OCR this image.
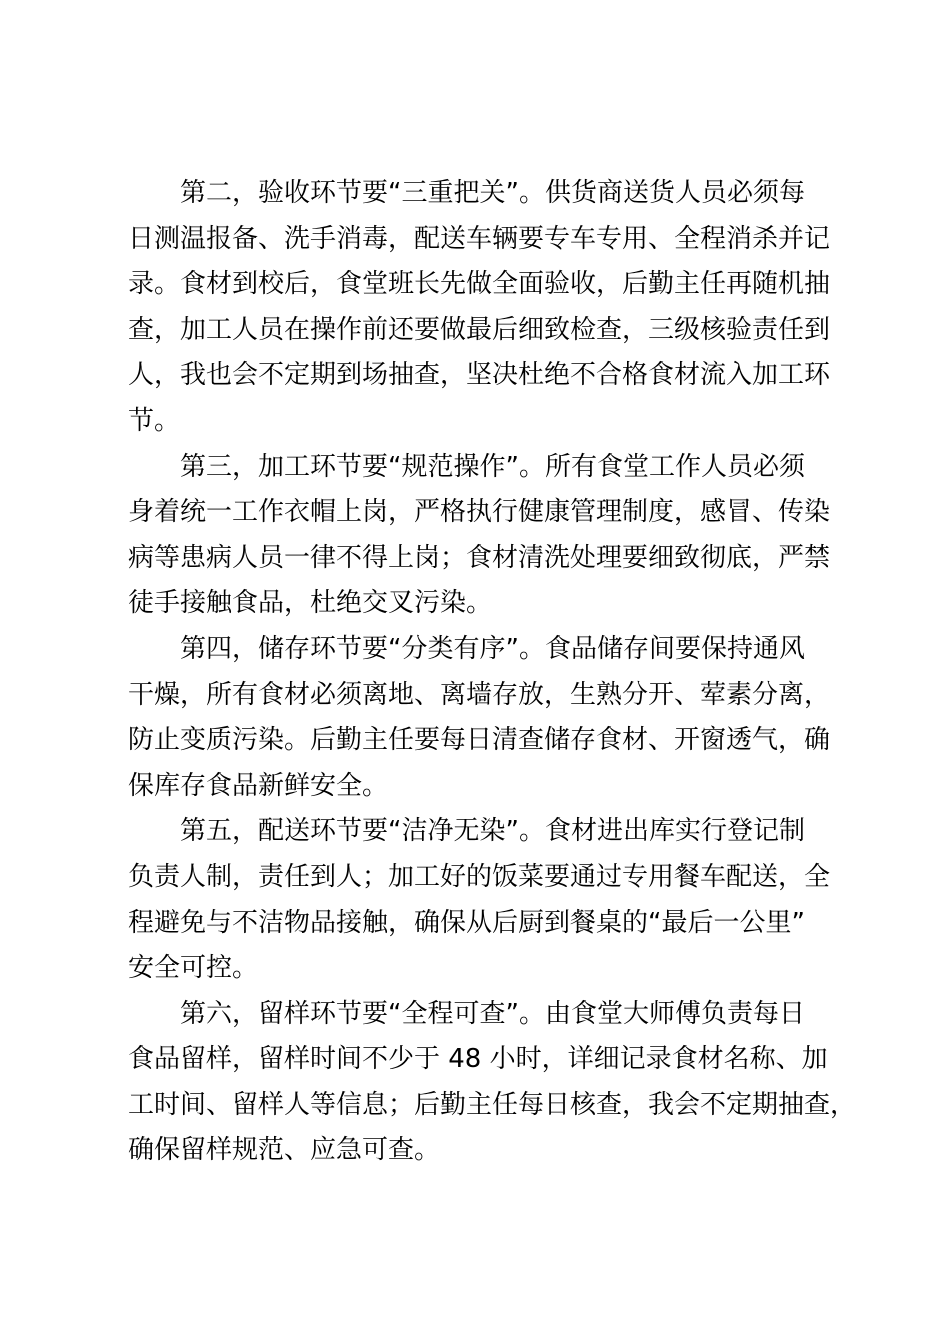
第二，验收环节要“三重把关”。供货商送货人员必须每
日测温报备、洗手消毒，配送车辆要专车专用、全程消杀并记
录。食材到校后，食堂班长先做全面验收，后勤主任再随机抽
查，加工人员在操作前还要做最后细致检查，三级核验责任到
人，我也会不定期到场抽查，坚决杜绝不合格食材流入加工环
节。
第三，加工环节要“规范操作”。所有食堂工作人员必须
身着统一工作衣帽上岗，严格执行健康管理制度，感冒、传染
病等患病人员一律不得上岗；食材清洗处理要细致彻底，严禁
徒手接触食品，杜绝交叉污染。
第四，储存环节要“分类有序”。食品储存间要保持通风
干燥，所有食材必须离地、离墙存放，生熟分开、荤素分离，
防止变质污染。后勤主任要每日清查储存食材、开窗透气，确
保库存食品新鲜安全。
第五，配送环节要“洁净无染”。食材进出库实行登记制
负责人制，责任到人；加工好的饭菜要通过专用餐车配送，全
程避免与不洁物品接触，确保从后厨到餐桌的“最后一公里”
安全可控。
第六，留样环节要“全程可查”。由食堂大师傅负责每日
食品留样，留样时间不少于 48 小时，详细记录食材名称、加
工时间、留样人等信息；后勤主任每日核查，我会不定期抽查，
确保留样规范、应急可查。
